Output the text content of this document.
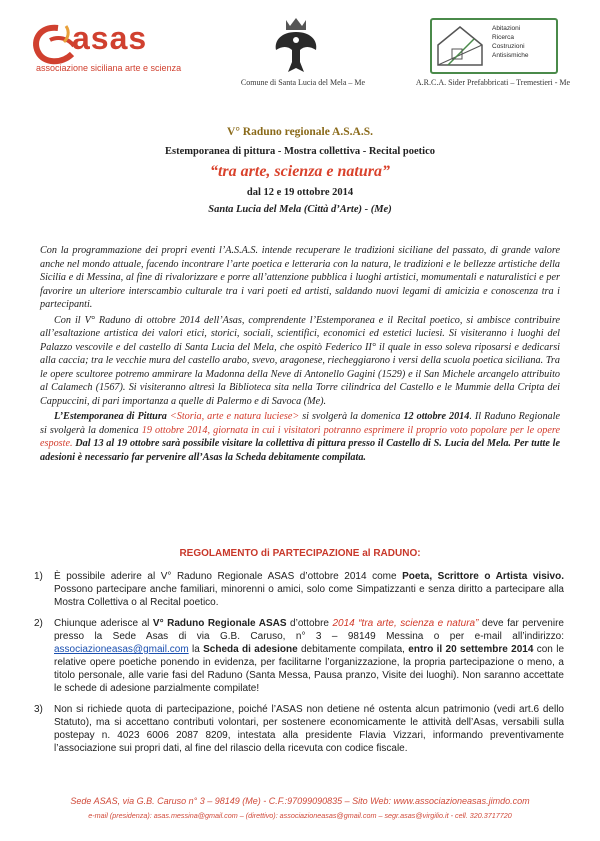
asas
associazione siciliana arte e scienza
Comune di Santa Lucia del Mela – Me
Abitazioni
Ricerca
Costruzioni
Antisismiche
A.R.C.A. Sider Prefabbricati – Tremestieri - Me
V° Raduno regionale A.S.A.S.
Estemporanea di pittura - Mostra collettiva - Recital poetico
“tra arte, scienza e natura”
dal 12 e 19 ottobre 2014
Santa Lucia del Mela (Città d’Arte) - (Me)

Con la programmazione dei propri eventi l’A.S.A.S. intende recuperare le tradizioni siciliane del passato, di grande valore anche nel mondo attuale, facendo incontrare l’arte poetica e letteraria con la natura, le tradizioni e le bellezze artistiche della Sicilia e di Messina, al fine di rivalorizzare e porre all’attenzione pubblica i luoghi artistici, momumentali e naturalistici e per favorire un ulteriore interscambio culturale tra i vari poeti ed artisti, saldando nuovi legami di amicizia e conoscenza tra i partecipanti.

Con il V° Raduno di ottobre 2014 dell’Asas, comprendente l’Estemporanea e il Recital poetico, si ambisce contribuire all’esaltazione artistica dei valori etici, storici, sociali, scientifici, economici ed estetici luciesi. Si visiteranno i luoghi del Palazzo vescovile e del castello di Santa Lucia del Mela, che ospitò Federico II° il quale in esso soleva riposarsi e dedicarsi alla caccia; tra le vecchie mura del castello arabo, svevo, aragonese, riecheggiarono i versi della scuola poetica siciliana. Tra le opere scultoree potremo ammirare la Madonna della Neve di Antonello Gagini (1529) e il San Michele arcangelo attribuito al Calamech (1567). Si visiteranno altresì la Biblioteca sita nella Torre cilindrica del Castello e le Mummie della Cripta dei Cappuccini, di pari importanza a quelle di Palermo e di Savoca (Me).

L’Estemporanea di Pittura <Storia, arte e natura luciese> si svolgerà la domenica 12 ottobre 2014. Il Raduno Regionale si svolgerà la domenica 19 ottobre 2014, giornata in cui i visitatori potranno esprimere il proprio voto popolare per le opere esposte. Dal 13 al 19 ottobre sarà possibile visitare la collettiva di pittura presso il Castello di S. Lucia del Mela. Per tutte le adesioni è necessario far pervenire all’Asas la Scheda debitamente compilata.

REGOLAMENTO di PARTECIPAZIONE al RADUNO:
1)	È possibile aderire al V° Raduno Regionale ASAS d’ottobre 2014 come Poeta, Scrittore o Artista visivo. Possono partecipare anche familiari, minorenni o amici, solo come Simpatizzanti e senza diritto a partecipare alla Mostra Collettiva o al Recital poetico.
2)	Chiunque aderisce al V° Raduno Regionale ASAS d’ottobre 2014 “tra arte, scienza e natura” deve far pervenire presso la Sede Asas di via G.B. Caruso, n° 3 – 98149 Messina o per e-mail all’indirizzo: associazioneasas@gmail.com la Scheda di adesione debitamente compilata, entro il 20 settembre 2014 con le relative opere poetiche ponendo in evidenza, per facilitarne l’organizzazione, la propria partecipazione o meno, a titolo personale, alle varie fasi del Raduno (Santa Messa, Pausa pranzo, Visite dei luoghi). Non saranno accettate le schede di adesione parzialmente compilate!
3)	Non si richiede quota di partecipazione, poiché l’ASAS non detiene né ostenta alcun patrimonio (vedi art.6 dello Statuto), ma si accettano contributi volontari, per sostenere economicamente le attività dell’Asas, versabili sulla postepay n. 4023 6006 2087 8209, intestata alla presidente Flavia Vizzari, informando preventivamente l’associazione sui propri dati, al fine del rilascio della ricevuta con codice fiscale.
Sede ASAS, via G.B. Caruso n° 3 – 98149 (Me) - C.F.:97099090835 – Sito Web: www.associazioneasas.jimdo.com
e-mail (presidenza): asas.messina@gmail.com – (direttivo): associazioneasas@gmail.com – segr.asas@virgilio.it - cell. 320.3717720
